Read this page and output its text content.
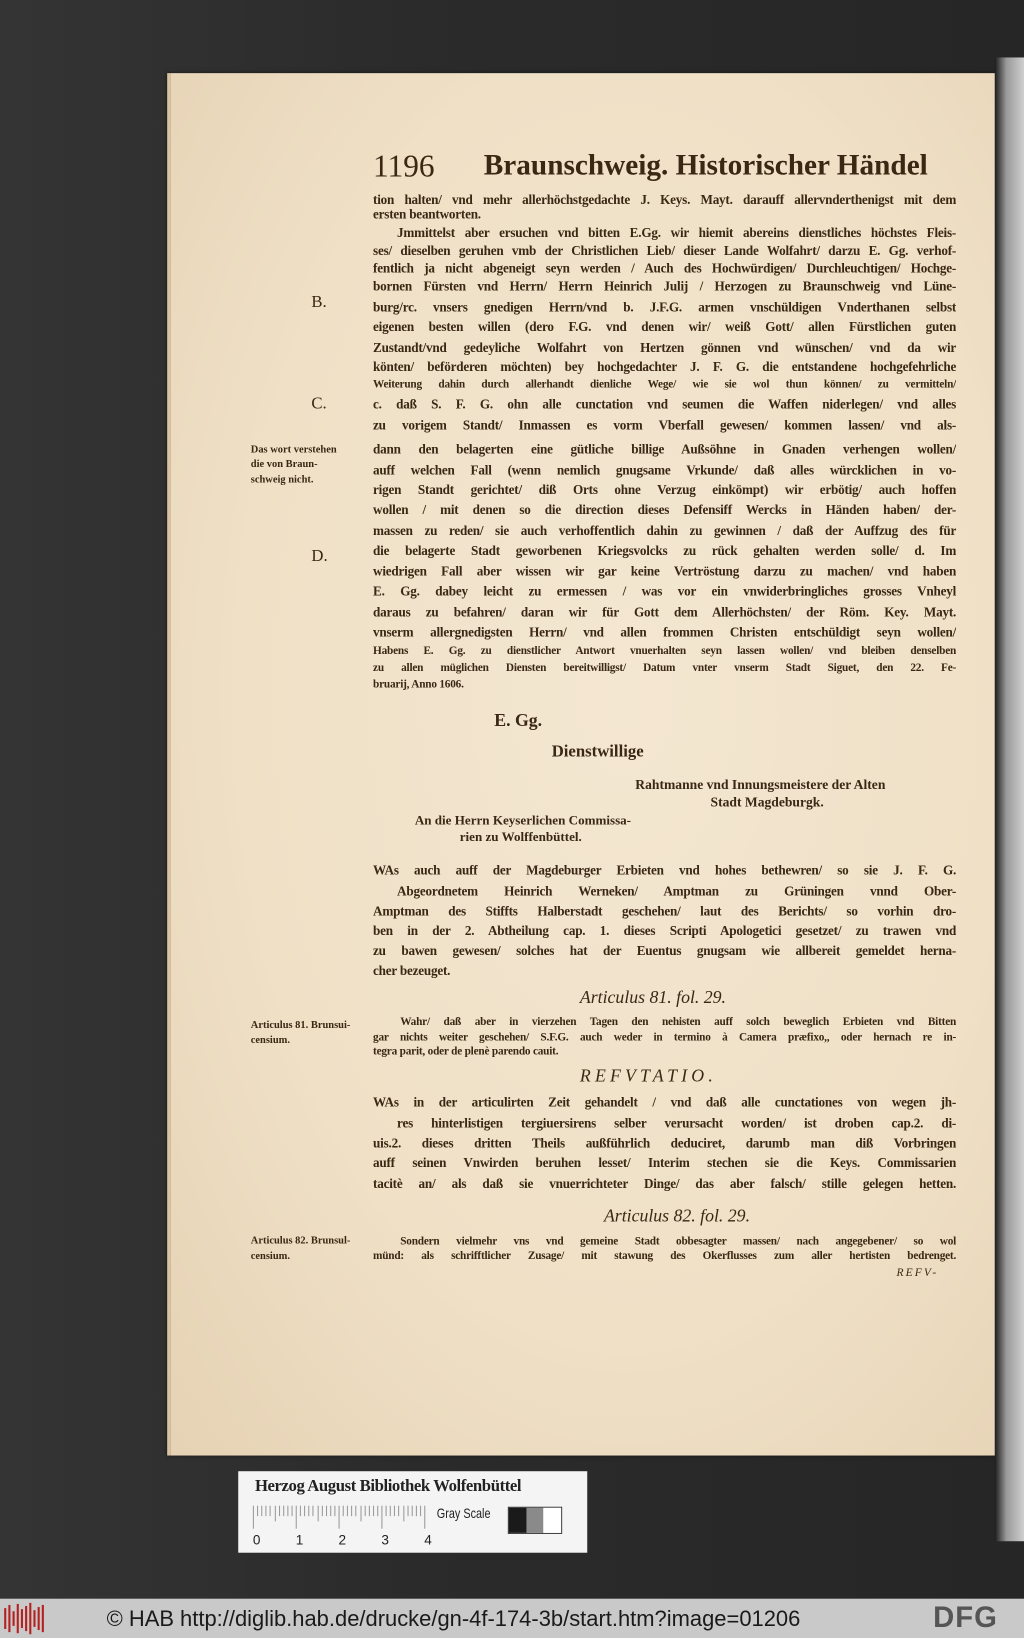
1196 Braunschweig. Historischer Händel
B.
C.
D.
Das wort verstehen
die von Braun-
schweig nicht.
tion halten/ vnd mehr allerhöchstgedachte J. Keys. Mayt. darauff allervnderthenigst mit dem
ersten beantworten.
Jmmittelst aber ersuchen vnd bitten E.Gg. wir hiemit abereins dienstliches höchstes Fleis-
ses/ dieselben geruhen vmb der Christlichen Lieb/ dieser Lande Wolfahrt/ darzu E. Gg. verhof-
fentlich ja nicht abgeneigt seyn werden / Auch des Hochwürdigen/ Durchleuchtigen/ Hochge-
bornen Fürsten vnd Herrn/ Herrn Heinrich Julij / Herzogen zu Braunschweig vnd Lüne-
burg/rc. vnsers gnedigen Herrn/vnd b. J.F.G. armen vnschüldigen Vnderthanen selbst
eigenen besten willen (dero F.G. vnd denen wir/ weiß Gott/ allen Fürstlichen guten
Zustandt/vnd gedeyliche Wolfahrt von Hertzen gönnen vnd wünschen/ vnd da wir
könten/ beförderen möchten) bey hochgedachter J. F. G. die entstandene hochgefehrliche
Weiterung dahin durch allerhandt dienliche Wege/ wie sie wol thun können/ zu vermitteln/
c. daß S. F. G. ohn alle cunctation vnd seumen die Waffen niderlegen/ vnd alles
zu vorigem Standt/ Inmassen es vorm Vberfall gewesen/ kommen lassen/ vnd als-
dann den belagerten eine gütliche billige Außsöhne in Gnaden verhengen wollen/
auff welchen Fall (wenn nemlich gnugsame Vrkunde/ daß alles würcklichen in vo-
rigen Standt gerichtet/ diß Orts ohne Verzug einkömpt) wir erbötig/ auch hoffen
wollen / mit denen so die direction dieses Defensiff Wercks in Händen haben/ der-
massen zu reden/ sie auch verhoffentlich dahin zu gewinnen / daß der Auffzug des für
die belagerte Stadt geworbenen Kriegsvolcks zu rück gehalten werden solle/ d. Im
wiedrigen Fall aber wissen wir gar keine Vertröstung darzu zu machen/ vnd haben
E. Gg. dabey leicht zu ermessen / was vor ein vnwiderbringliches grosses Vnheyl
daraus zu befahren/ daran wir für Gott dem Allerhöchsten/ der Röm. Key. Mayt.
vnserm allergnedigsten Herrn/ vnd allen frommen Christen entschüldigt seyn wollen/
Habens E. Gg. zu dienstlicher Antwort vnuerhalten seyn lassen wollen/ vnd bleiben denselben
zu allen müglichen Diensten bereitwilligst/ Datum vnter vnserm Stadt Siguet, den 22. Fe-
bruarij, Anno 1606.
E. Gg.
Dienstwillige
Rahtmanne vnd Innungsmeistere der Alten
Stadt Magdeburgk.
An die Herrn Keyserlichen Commissa-
rien zu Wolffenbüttel.
WAs auch auff der Magdeburger Erbieten vnd hohes bethewren/ so sie J. F. G.
Abgeordnetem Heinrich Werneken/ Amptman zu Grüningen vnnd Ober-
Amptman des Stiffts Halberstadt geschehen/ laut des Berichts/ so vorhin dro-
ben in der 2. Abtheilung cap. 1. dieses Scripti Apologetici gesetzet/ zu trawen vnd
zu bawen gewesen/ solches hat der Euentus gnugsam wie allbereit gemeldet herna-
cher bezeuget.
Articulus 81. fol. 29.
Articulus 81. Brunsui-
censium.
Wahr/ daß aber in vierzehen Tagen den nehisten auff solch beweglich Erbieten vnd Bitten
gar nichts weiter geschehen/ S.F.G. auch weder in termino à Camera præfixo,, oder hernach re in-
tegra parit, oder de plenè parendo cauit.
REFVTATIO.
WAs in der articulirten Zeit gehandelt / vnd daß alle cunctationes von wegen jh-
res hinterlistigen tergiuersirens selber verursacht worden/ ist droben cap.2. di-
uis.2. dieses dritten Theils außführlich deduciret, darumb man diß Vorbringen
auff seinen Vnwirden beruhen lesset/ Interim stechen sie die Keys. Commissarien
tacitè an/ als daß sie vnuerrichteter Dinge/ das aber falsch/ stille gelegen hetten.
Articulus 82. fol. 29.
Articulus 82. Brunsul-
censium.
Sondern vielmehr vns vnd gemeine Stadt obbesagter massen/ nach angegebener/ so wol
münd: als schrifftlicher Zusage/ mit stawung des Okerflusses zum aller hertisten bedrenget.
REFV-
Herzog August Bibliothek Wolfenbüttel
0	1	2	3	4
Gray Scale
© HAB http://diglib.hab.de/drucke/gn-4f-174-3b/start.htm?image=01206	DFG
